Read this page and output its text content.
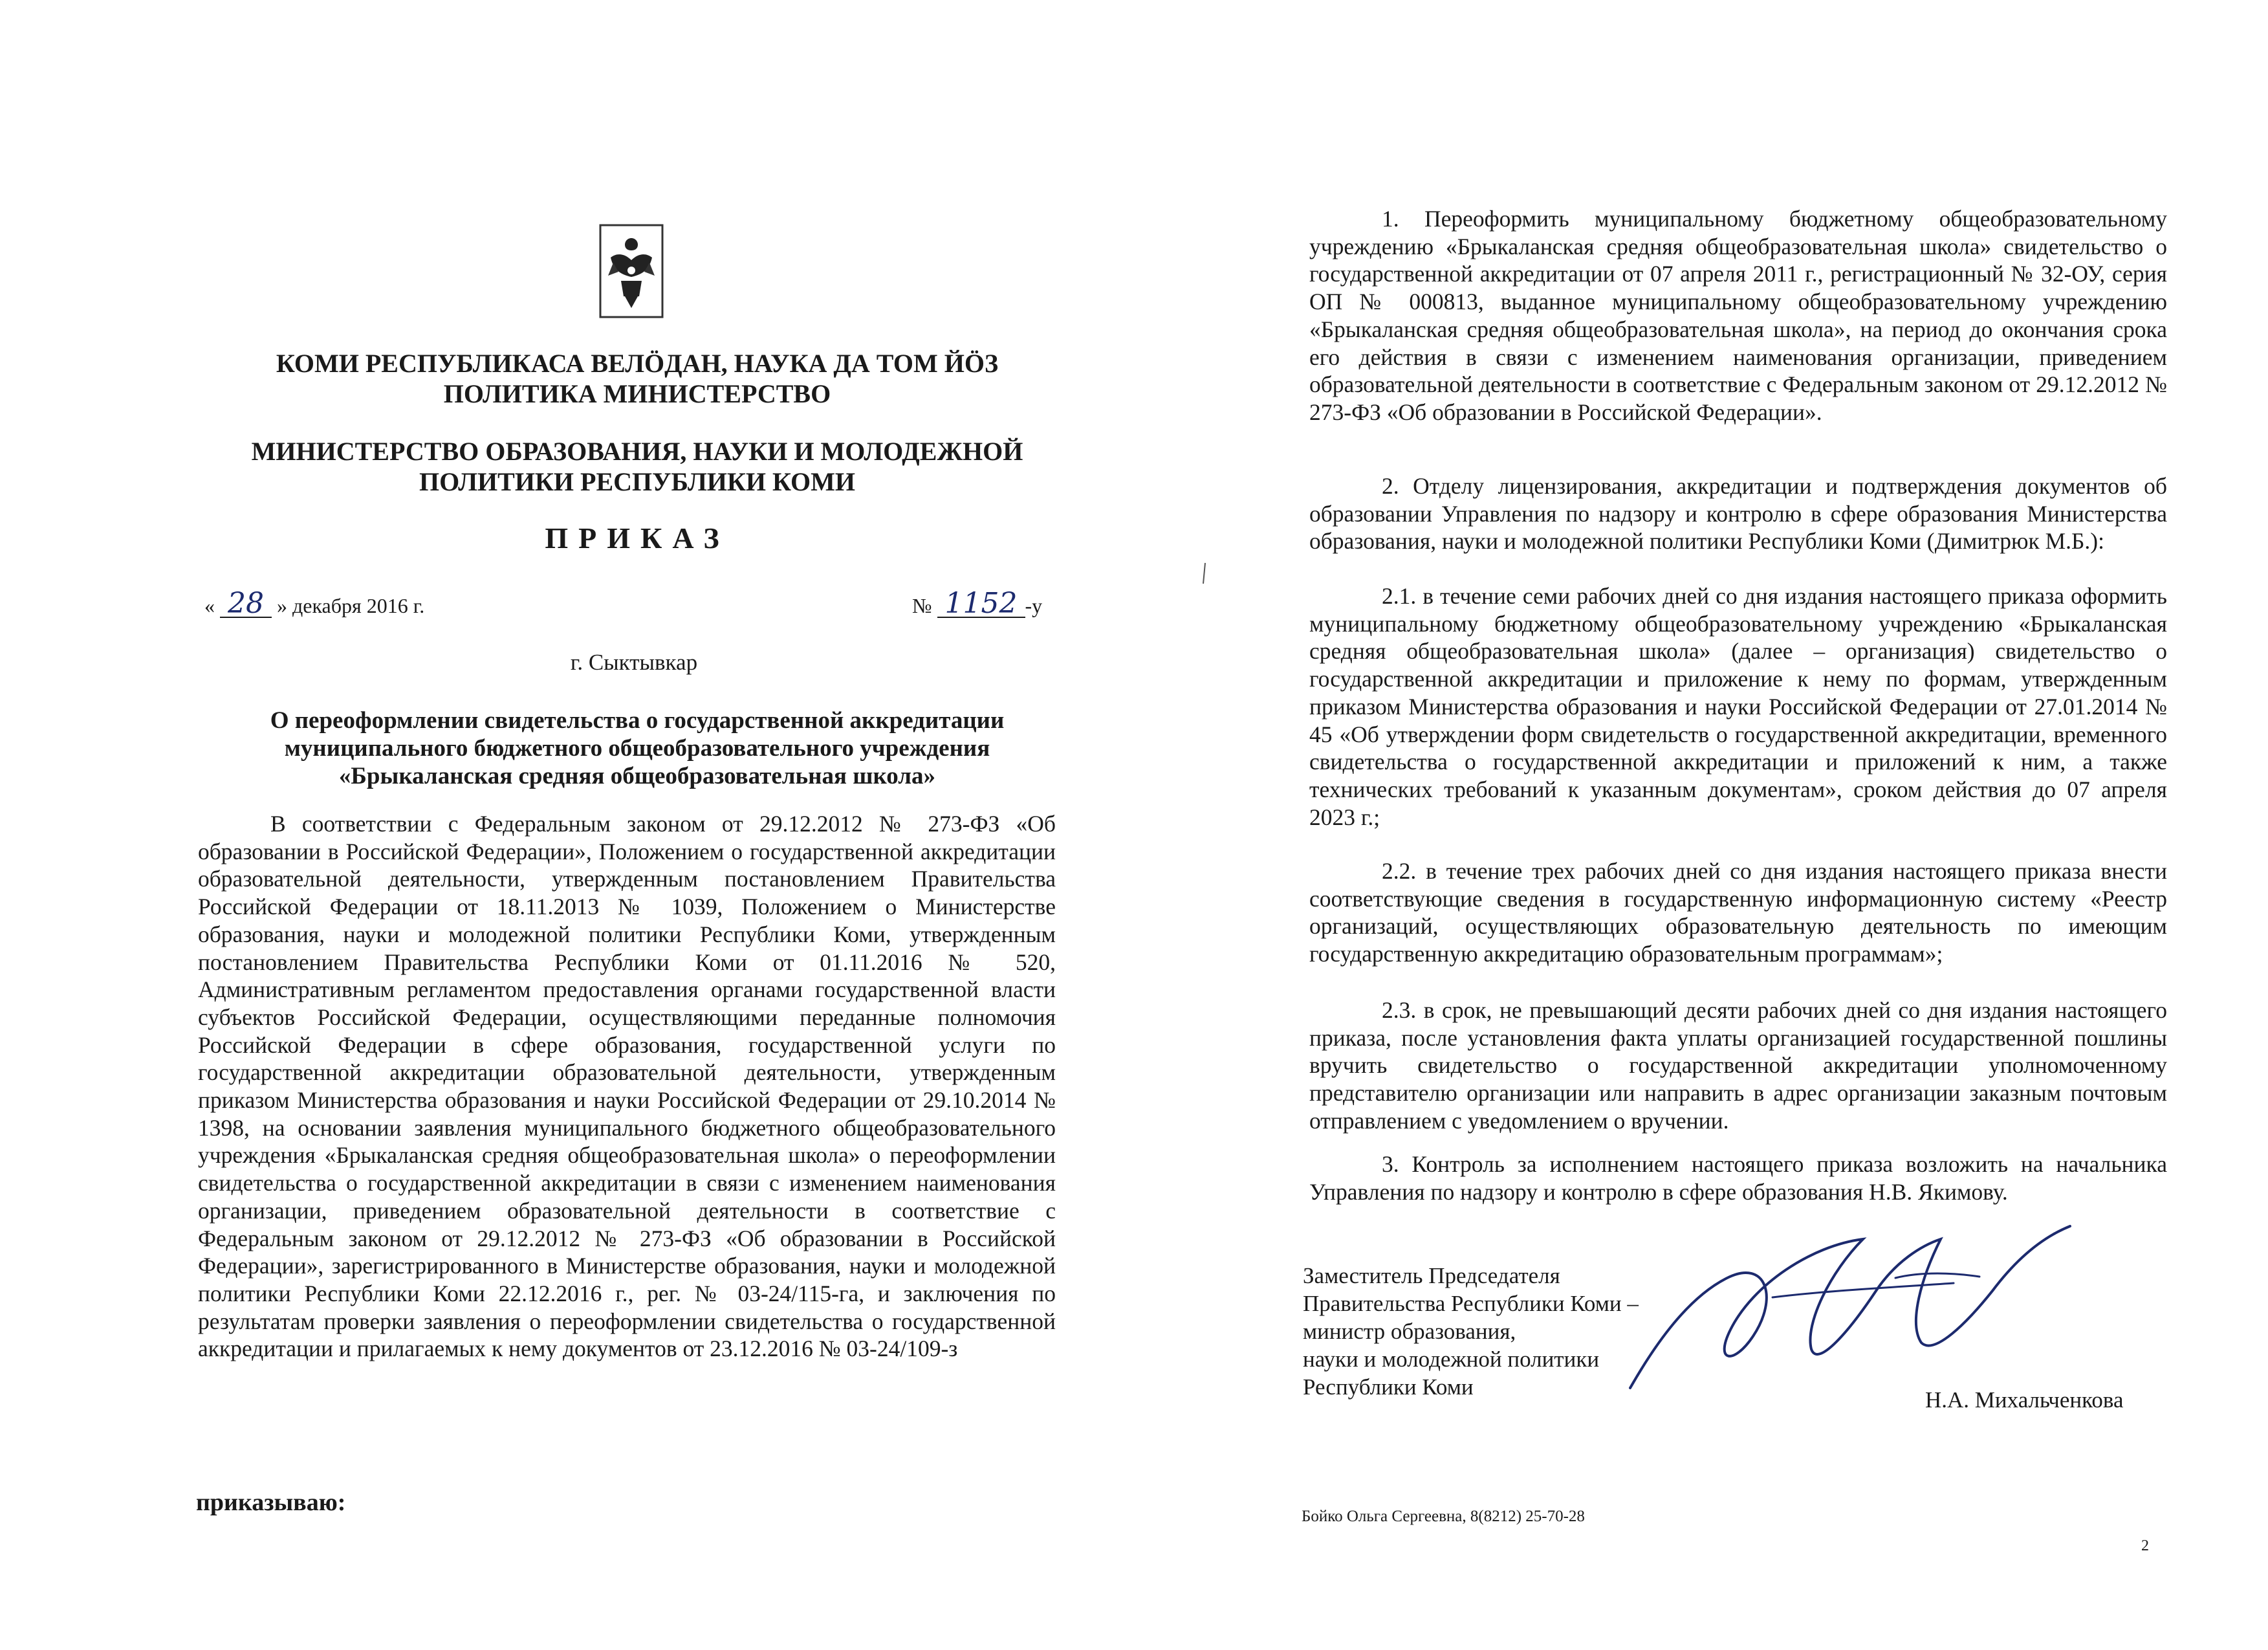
КОМИ РЕСПУБЛИКАСА ВЕЛÖДАН, НАУКА ДА ТОМ ЙÖЗ
ПОЛИТИКА МИНИСТЕРСТВО
МИНИСТЕРСТВО ОБРАЗОВАНИЯ, НАУКИ И МОЛОДЕЖНОЙ
ПОЛИТИКИ РЕСПУБЛИКИ КОМИ
ПРИКАЗ
« 28 » декабря 2016 г.	№ 1152 -у
г. Сыктывкар
О переоформлении свидетельства о государственной аккредитации
муниципального бюджетного общеобразовательного учреждения
«Брыкаланская средняя общеобразовательная школа»

В соответствии с Федеральным законом от 29.12.2012 № 273-ФЗ «Об образовании в Российской Федерации», Положением о государственной аккредитации образовательной деятельности, утвержденным постановлением Правительства Российской Федерации от 18.11.2013 № 1039, Положением о Министерстве образования, науки и молодежной политики Республики Коми, утвержденным постановлением Правительства Республики Коми от 01.11.2016 № 520, Административным регламентом предоставления органами государственной власти субъектов Российской Федерации, осуществляющими переданные полномочия Российской Федерации в сфере образования, государственной услуги по государственной аккредитации образовательной деятельности, утвержденным приказом Министерства образования и науки Российской Федерации от 29.10.2014 № 1398, на основании заявления муниципального бюджетного общеобразовательного учреждения «Брыкаланская средняя общеобразовательная школа» о переоформлении свидетельства о государственной аккредитации в связи с изменением наименования организации, приведением образовательной деятельности в соответствие с Федеральным законом от 29.12.2012 № 273-ФЗ «Об образовании в Российской Федерации», зарегистрированного в Министерстве образования, науки и молодежной политики Республики Коми 22.12.2016 г., рег. № 03-24/115-га, и заключения по результатам проверки заявления о переоформлении свидетельства о государственной аккредитации и прилагаемых к нему документов от 23.12.2016 № 03-24/109-з

приказываю:

1. Переоформить муниципальному бюджетному общеобразовательному учреждению «Брыкаланская средняя общеобразовательная школа» свидетельство о государственной аккредитации от 07 апреля 2011 г., регистрационный № 32-ОУ, серия ОП № 000813, выданное муниципальному общеобразовательному учреждению «Брыкаланская средняя общеобразовательная школа», на период до окончания срока его действия в связи с изменением наименования организации, приведением образовательной деятельности в соответствие с Федеральным законом от 29.12.2012 № 273-ФЗ «Об образовании в Российской Федерации».

2. Отделу лицензирования, аккредитации и подтверждения документов об образовании Управления по надзору и контролю в сфере образования Министерства образования, науки и молодежной политики Республики Коми (Димитрюк М.Б.):

2.1. в течение семи рабочих дней со дня издания настоящего приказа оформить муниципальному бюджетному общеобразовательному учреждению «Брыкаланская средняя общеобразовательная школа» (далее – организация) свидетельство о государственной аккредитации и приложение к нему по формам, утвержденным приказом Министерства образования и науки Российской Федерации от 27.01.2014 № 45 «Об утверждении форм свидетельств о государственной аккредитации, временного свидетельства о государственной аккредитации и приложений к ним, а также технических требований к указанным документам», сроком действия до 07 апреля 2023 г.;

2.2. в течение трех рабочих дней со дня издания настоящего приказа внести соответствующие сведения в государственную информационную систему «Реестр организаций, осуществляющих образовательную деятельность по имеющим государственную аккредитацию образовательным программам»;

2.3. в срок, не превышающий десяти рабочих дней со дня издания настоящего приказа, после установления факта уплаты организацией государственной пошлины вручить свидетельство о государственной аккредитации уполномоченному представителю организации или направить в адрес организации заказным почтовым отправлением с уведомлением о вручении.

3. Контроль за исполнением настоящего приказа возложить на начальника Управления по надзору и контролю в сфере образования Н.В. Якимову.

Заместитель Председателя
Правительства Республики Коми –
министр образования,
науки и молодежной политики
Республики Коми
Н.А. Михальченкова
Бойко Ольга Сергеевна, 8(8212) 25-70-28
2
